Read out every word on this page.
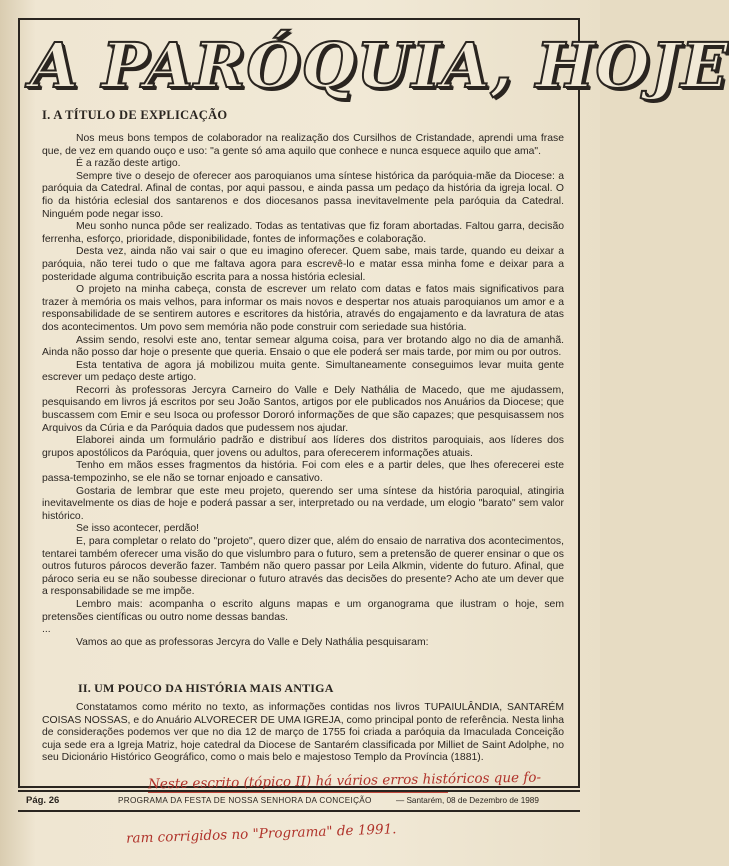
A PARÓQUIA, HOJE
I. A TÍTULO DE EXPLICAÇÃO

Nos meus bons tempos de colaborador na realização dos Cursilhos de Cristandade, aprendi uma frase que, de vez em quando ouço e uso: "a gente só ama aquilo que conhece e nunca esquece aquilo que ama".

É a razão deste artigo.

Sempre tive o desejo de oferecer aos paroquianos uma síntese histórica da paróquia-mãe da Diocese: a paróquia da Catedral. Afinal de contas, por aqui passou, e ainda passa um pedaço da história da igreja local. O fio da história eclesial dos santarenos e dos diocesanos passa inevitavelmente pela paróquia da Catedral. Ninguém pode negar isso.

Meu sonho nunca pôde ser realizado. Todas as tentativas que fiz foram abortadas. Faltou garra, decisão ferrenha, esforço, prioridade, disponibilidade, fontes de informações e colaboração.

Desta vez, ainda não vai sair o que eu imagino oferecer. Quem sabe, mais tarde, quando eu deixar a paróquia, não terei tudo o que me faltava agora para escrevê-lo e matar essa minha fome e deixar para a posteridade alguma contribuição escrita para a nossa história eclesial.

O projeto na minha cabeça, consta de escrever um relato com datas e fatos mais significativos para trazer à memória os mais velhos, para informar os mais novos e despertar nos atuais paroquianos um amor e a responsabilidade de se sentirem autores e escritores da história, através do engajamento e da lavratura de atas dos acontecimentos. Um povo sem memória não pode construir com seriedade sua história.

Assim sendo, resolvi este ano, tentar semear alguma coisa, para ver brotando algo no dia de amanhã. Ainda não posso dar hoje o presente que queria. Ensaio o que ele poderá ser mais tarde, por mim ou por outros.

Esta tentativa de agora já mobilizou muita gente. Simultaneamente conseguimos levar muita gente escrever um pedaço deste artigo.

Recorri às professoras Jercyra Carneiro do Valle e Dely Nathália de Macedo, que me ajudassem, pesquisando em livros já escritos por seu João Santos, artigos por ele publicados nos Anuários da Diocese; que buscassem com Emir e seu Isoca ou professor Dororó informações de que são capazes; que pesquisassem nos Arquivos da Cúria e da Paróquia dados que pudessem nos ajudar.

Elaborei ainda um formulário padrão e distribuí aos líderes dos distritos paroquiais, aos líderes dos grupos apostólicos da Paróquia, quer jovens ou adultos, para oferecerem informações atuais.

Tenho em mãos esses fragmentos da história. Foi com eles e a partir deles, que lhes oferecerei este passa-tempozinho, se ele não se tornar enjoado e cansativo.

Gostaria de lembrar que este meu projeto, querendo ser uma síntese da história paroquial, atingiria inevitavelmente os dias de hoje e poderá passar a ser, interpretado ou na verdade, um elogio "barato" sem valor histórico.

Se isso acontecer, perdão!

E, para completar o relato do "projeto", quero dizer que, além do ensaio de narrativa dos acontecimentos, tentarei também oferecer uma visão do que vislumbro para o futuro, sem a pretensão de querer ensinar o que os outros futuros párocos deverão fazer. Também não quero passar por Leila Alkmin, vidente do futuro. Afinal, que pároco seria eu se não soubesse direcionar o futuro através das decisões do presente? Acho ate um dever que a responsabilidade se me impõe.

Lembro mais: acompanha o escrito alguns mapas e um organograma que ilustram o hoje, sem pretensões científicas ou outro nome dessas bandas.

...

Vamos ao que as professoras Jercyra do Valle e Dely Nathália pesquisaram:

II. UM POUCO DA HISTÓRIA MAIS ANTIGA

Constatamos como mérito no texto, as informações contidas nos livros TUPAIULÂNDIA, SANTARÉM COISAS NOSSAS, e do Anuário ALVORECER DE UMA IGREJA, como principal ponto de referência. Nesta linha de considerações podemos ver que no dia 12 de março de 1755 foi criada a paróquia da Imaculada Conceição cuja sede era a Igreja Matriz, hoje catedral da Diocese de Santarém classificada por Milliet de Saint Adolphe, no seu Dicionário Histórico Geográfico, como o mais belo e majestoso Templo da Província (1881).

Pág. 26	PROGRAMA DA FESTA DE NOSSA SENHORA DA CONCEIÇÃO	— Santarém, 08 de Dezembro de 1989
Neste escrito (tópico II) há vários erros históricos que fo-
ram corrigidos no "Programa" de 1991.
